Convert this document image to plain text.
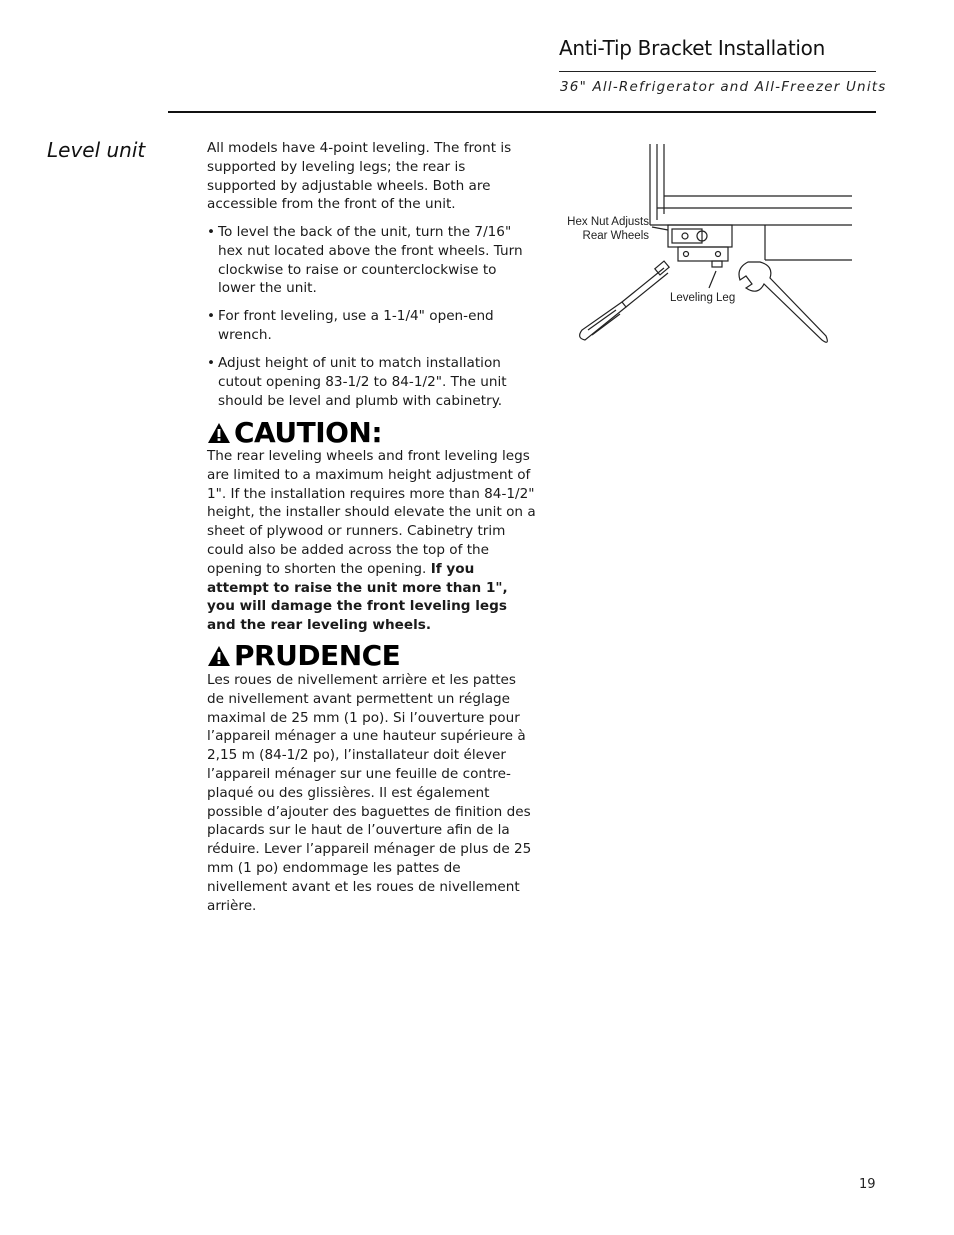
Anti-Tip Bracket Installation
36" All-Refrigerator and All-Freezer Units
Level unit	All models have 4-point leveling. The front is supported by leveling legs; the rear is supported by adjustable wheels. Both are accessible from the front of the unit.
• To level the back of the unit, turn the 7/16" hex nut located above the front wheels. Turn clockwise to raise or counterclockwise to lower the unit.
• For front leveling, use a 1-1/4" open-end wrench.
• Adjust height of unit to match installation cutout opening 83-1/2 to 84-1/2". The unit should be level and plumb with cabinetry.
CAUTION:
The rear leveling wheels and front leveling legs are limited to a maximum height adjustment of 1". If the installation requires more than 84-1/2" height, the installer should elevate the unit on a sheet of plywood or runners. Cabinetry trim could also be added across the top of the opening to shorten the opening. If you attempt to raise the unit more than 1", you will damage the front leveling legs and the rear leveling wheels.
PRUDENCE
Les roues de nivellement arrière et les pattes de nivellement avant permettent un réglage maximal de 25 mm (1 po). Si l’ouverture pour l’appareil ménager a une hauteur supérieure à 2,15 m (84-1/2 po), l’installateur doit élever l’appareil ménager sur une feuille de contre-plaqué ou des glissières. Il est également possible d’ajouter des baguettes de finition des placards sur le haut de l’ouverture afin de la réduire. Lever l’appareil ménager de plus de 25 mm (1 po) endommage les pattes de nivellement avant et les roues de nivellement arrière.
Hex Nut Adjusts
Rear Wheels
Leveling Leg
19
